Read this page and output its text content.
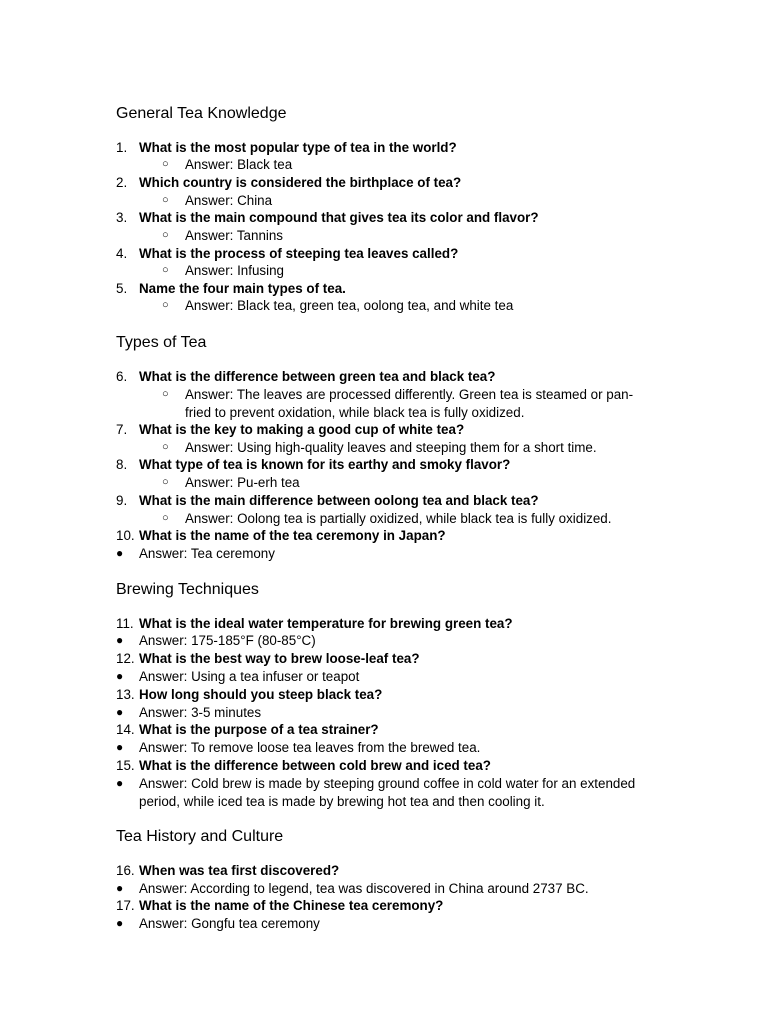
General Tea Knowledge
1. What is the most popular type of tea in the world?
○ Answer: Black tea
2. Which country is considered the birthplace of tea?
○ Answer: China
3. What is the main compound that gives tea its color and flavor?
○ Answer: Tannins
4. What is the process of steeping tea leaves called?
○ Answer: Infusing
5. Name the four main types of tea.
○ Answer: Black tea, green tea, oolong tea, and white tea
Types of Tea
6. What is the difference between green tea and black tea?
○ Answer: The leaves are processed differently. Green tea is steamed or pan-fried to prevent oxidation, while black tea is fully oxidized.
7. What is the key to making a good cup of white tea?
○ Answer: Using high-quality leaves and steeping them for a short time.
8. What type of tea is known for its earthy and smoky flavor?
○ Answer: Pu-erh tea
9. What is the main difference between oolong tea and black tea?
○ Answer: Oolong tea is partially oxidized, while black tea is fully oxidized.
10. What is the name of the tea ceremony in Japan?
● Answer: Tea ceremony
Brewing Techniques
11. What is the ideal water temperature for brewing green tea?
● Answer: 175-185°F (80-85°C)
12. What is the best way to brew loose-leaf tea?
● Answer: Using a tea infuser or teapot
13. How long should you steep black tea?
● Answer: 3-5 minutes
14. What is the purpose of a tea strainer?
● Answer: To remove loose tea leaves from the brewed tea.
15. What is the difference between cold brew and iced tea?
● Answer: Cold brew is made by steeping ground coffee in cold water for an extended period, while iced tea is made by brewing hot tea and then cooling it.
Tea History and Culture
16. When was tea first discovered?
● Answer: According to legend, tea was discovered in China around 2737 BC.
17. What is the name of the Chinese tea ceremony?
● Answer: Gongfu tea ceremony
